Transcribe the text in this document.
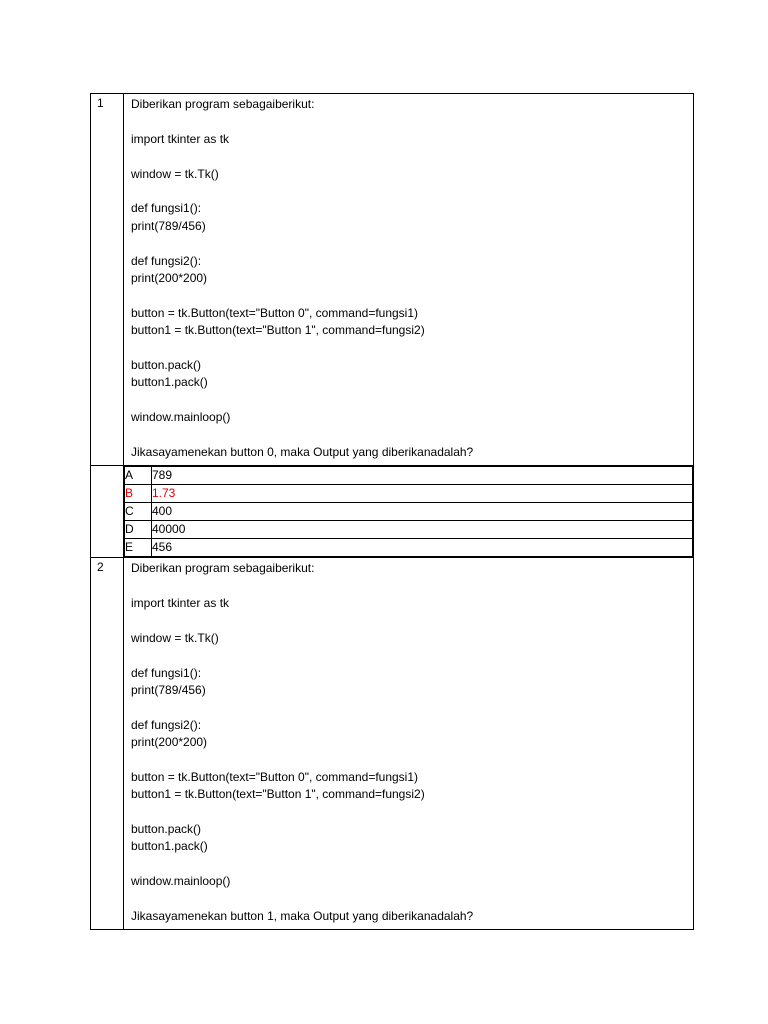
1	Diberikan program sebagaiberikut:
import tkinter as tk
window = tk.Tk()
def fungsi1():
print(789/456)
def fungsi2():
print(200*200)
button = tk.Button(text="Button 0", command=fungsi1)
button1 = tk.Button(text="Button 1", command=fungsi2)
button.pack()
button1.pack()
window.mainloop()
Jikasayamenekan button 0, maka Output yang diberikanadalah?

A	789
B	1.73
C	400
D	40000
E	456

2	Diberikan program sebagaiberikut:
import tkinter as tk
window = tk.Tk()
def fungsi1():
print(789/456)
def fungsi2():
print(200*200)
button = tk.Button(text="Button 0", command=fungsi1)
button1 = tk.Button(text="Button 1", command=fungsi2)
button.pack()
button1.pack()
window.mainloop()
Jikasayamenekan button 1, maka Output yang diberikanadalah?
